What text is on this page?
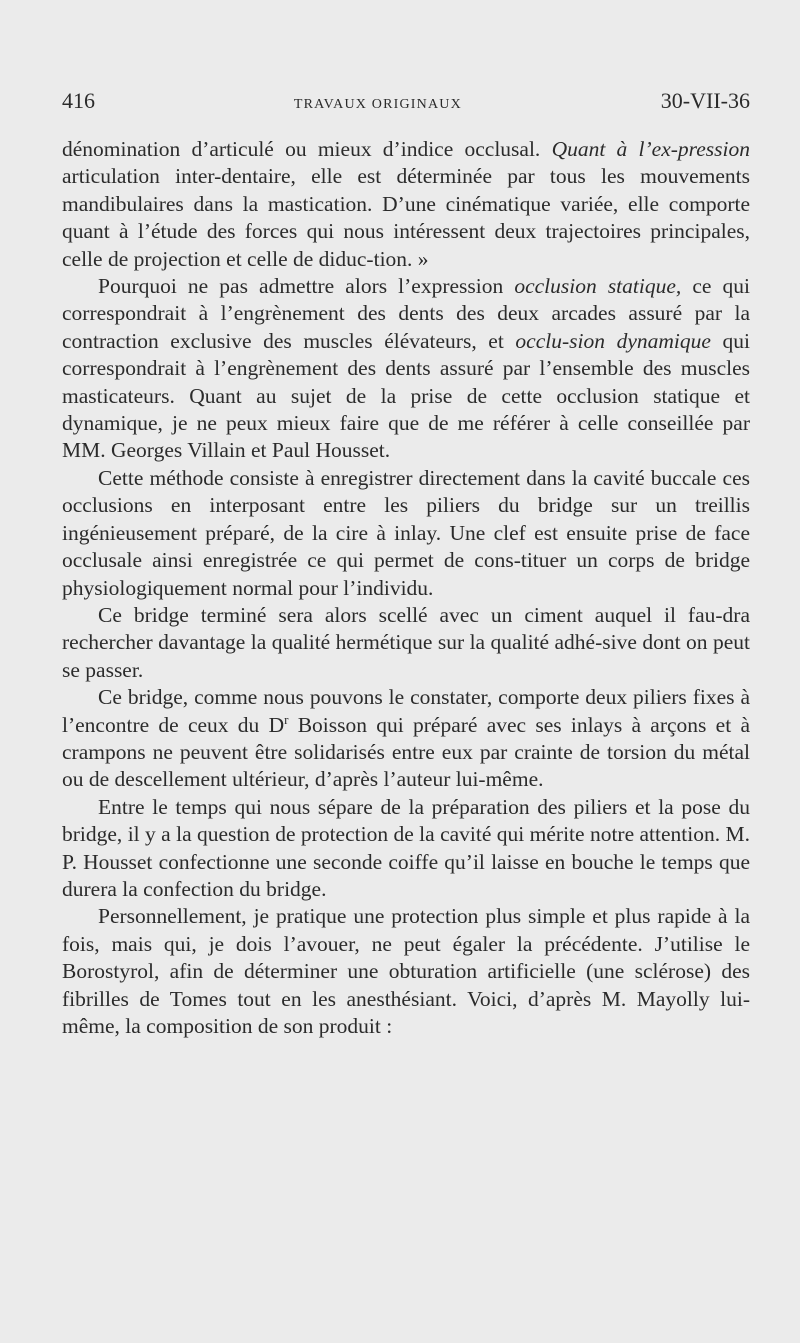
416	TRAVAUX ORIGINAUX	30-VII-36

dénomination d’articulé ou mieux d’indice occlusal. Quant à l’ex-pression articulation inter-dentaire, elle est déterminée par tous les mouvements mandibulaires dans la mastication. D’une cinématique variée, elle comporte quant à l’étude des forces qui nous intéressent deux trajectoires principales, celle de projection et celle de diduc-tion. »

Pourquoi ne pas admettre alors l’expression occlusion statique, ce qui correspondrait à l’engrènement des dents des deux arcades assuré par la contraction exclusive des muscles élévateurs, et occlu-sion dynamique qui correspondrait à l’engrènement des dents assuré par l’ensemble des muscles masticateurs. Quant au sujet de la prise de cette occlusion statique et dynamique, je ne peux mieux faire que de me référer à celle conseillée par MM. Georges Villain et Paul Housset.

Cette méthode consiste à enregistrer directement dans la cavité buccale ces occlusions en interposant entre les piliers du bridge sur un treillis ingénieusement préparé, de la cire à inlay. Une clef est ensuite prise de face occlusale ainsi enregistrée ce qui permet de cons-tituer un corps de bridge physiologiquement normal pour l’individu.

Ce bridge terminé sera alors scellé avec un ciment auquel il fau-dra rechercher davantage la qualité hermétique sur la qualité adhé-sive dont on peut se passer.

Ce bridge, comme nous pouvons le constater, comporte deux piliers fixes à l’encontre de ceux du $D^r$ Boisson qui préparé avec ses inlays à arçons et à crampons ne peuvent être solidarisés entre eux par crainte de torsion du métal ou de descellement ultérieur, d’après l’auteur lui-même.

Entre le temps qui nous sépare de la préparation des piliers et la pose du bridge, il y a la question de protection de la cavité qui mérite notre attention. M. P. Housset confectionne une seconde coiffe qu’il laisse en bouche le temps que durera la confection du bridge.

Personnellement, je pratique une protection plus simple et plus rapide à la fois, mais qui, je dois l’avouer, ne peut égaler la précédente. J’utilise le Borostyrol, afin de déterminer une obturation artificielle (une sclérose) des fibrilles de Tomes tout en les anesthésiant. Voici, d’après M. Mayolly lui-même, la composition de son produit :
